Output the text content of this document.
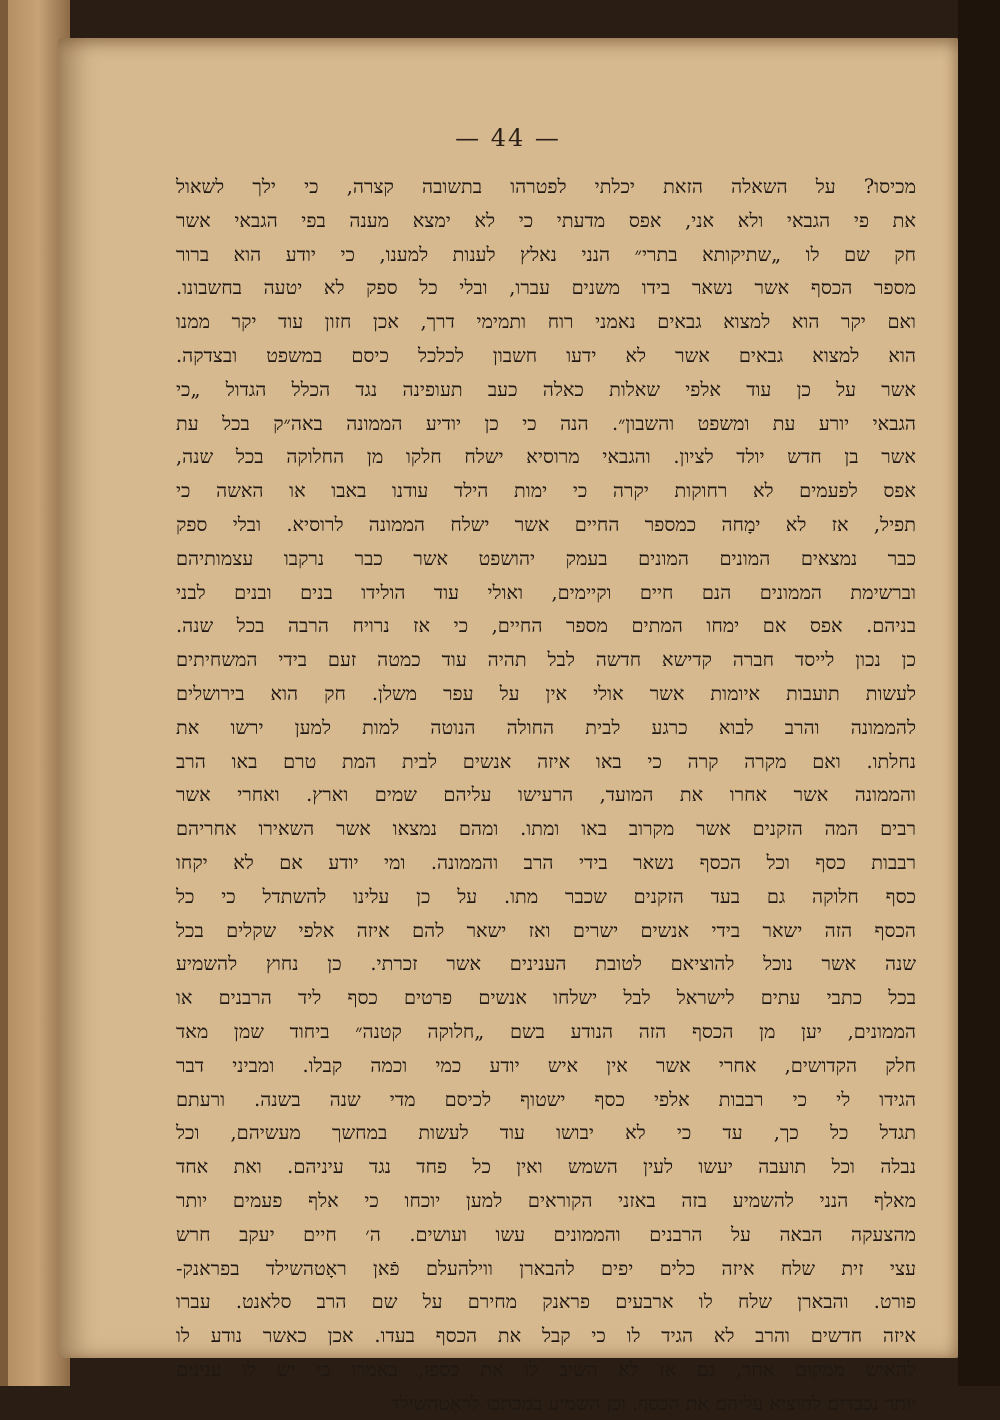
— 44 —
מכיסו? על השאלה הזאת יכלתי לפטרהו בתשובה קצרה, כי ילך לשאול
את פי הגבאי ולא אני, אפס מדעתי כי לא ימצא מענה בפי הגבאי אשר
חק שם לו „שתיקותא בתרי״ הנני נאלץ לענות למענו, כי יודע הוא ברור
מספר הכסף אשר נשאר בידו משנים עברו, ובלי כל ספק לא יטעה בחשבונו.
ואם יקר הוא למצוא גבאים נאמני רוח ותמימי דרך, אכן חזון עוד יקר ממנו
הוא למצוא גבאים אשר לא ידעו חשבון לכלכל כיסם במשפט ובצדקה.
אשר על כן עוד אלפי שאלות כאלה כעב תעופינה נגד הכלל הגדול „כי
הגבאי יורע עת ומשפט והשבון״. הנה כי כן יודיע הממונה באה״ק בכל עת
אשר בן חדש יולד לציון. והגבאי מרוסיא ישלח חלקו מן החלוקה בכל שנה,
אפס לפעמים לא רחוקות יקרה כי ימות הילד עודנו באבו או האשה כי
תפיל, אז לא ימָחה כמספר החיים אשר ישלח הממונה לרוסיא. ובלי ספק
כבר נמצאים המונים המונים בעמק יהושפט אשר כבר נרקבו עצמותיהם
וברשימת הממונים הנם חיים וקיימים, ואולי עוד הולידו בנים ובנים לבני
בניהם. אפס אם ימחו המתים מספר החיים, כי אז נרויח הרבה בכל שנה.
כן נכון לייסד חברה קדישא חדשה לבל תהיה עוד כמטה זעם בידי המשחיתים
לעשות תועבות איומות אשר אולי אין על עפר משלן. חק הוא בירושלים
להממונה והרב לבוא כרגע לבית החולה הנוטה למות למען ירשו את
נחלתו. ואם מקרה קרה כי באו איזה אנשים לבית המת טרם באו הרב
והממונה אשר אחרו את המועד, הרעישו עליהם שמים וארץ. ואחרי אשר
רבים המה הזקנים אשר מקרוב באו ומתו. ומהם נמצאו אשר השאירו אחריהם
רבבות כסף וכל הכסף נשאר בידי הרב והממונה. ומי יודע אם לא יקחו
כסף חלוקה גם בעד הזקנים שכבר מתו. על כן עלינו להשתדל כי כל
הכסף הזה ישאר בידי אנשים ישרים ואז ישאר להם איזה אלפי שקלים בכל
שנה אשר נוכל להוציאם לטובת הענינים אשר זכרתי. כן נחוץ להשמיע
בכל כתבי עתים לישראל לבל ישלחו אנשים פרטים כסף ליד הרבנים או
הממונים, יען מן הכסף הזה הנודע בשם „חלוקה קטנה״ ביחוד שמן מאד
חלק הקדושים, אחרי אשר אין איש יודע כמי וכמה קבלו. ומביני דבר
הגידו לי כי רבבות אלפי כסף ישטוף לכיסם מדי שנה בשנה. ורעתם
תגדל כל כך, עד כי לא יבושו עוד לעשות במחשך מעשיהם, וכל
נבלה וכל תועבה יעשו לעין השמש ואין כל פחד נגד עיניהם. ואת אחד
מאלף הנני להשמיע בזה באזני הקוראים למען יוכחו כי אלף פעמים יותר
מהצעקה הבאה על הרבנים והממונים עשו ועושים. ה׳ חיים יעקב חרש
עצי זית שלח איזה כלים יפים להבארן ווילהעלם פֿאן ראָטהשילד בפראנק-
פורט. והבארן שלח לו ארבעים פראנק מחירם על שם הרב סלאנט. עברו
איזה חדשים והרב לא הגיד לו כי קבל את הכסף בעדו. אכן כאשר נודע לו
להאיש ממקום אחר, גם אז לא השיב לו את כספו, באמרו כי יש לו ענינים
יותר נכבדים להוציא עליהם את הכסף. וכן השמיע במכתבו לראָטהשילד
